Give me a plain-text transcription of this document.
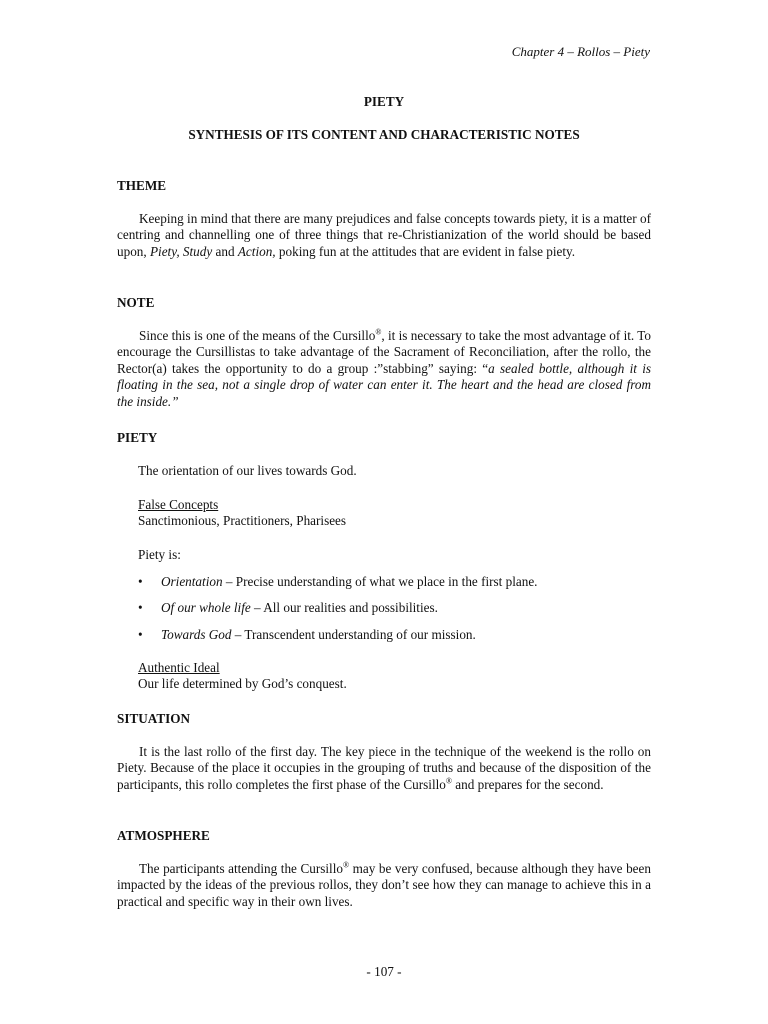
Chapter 4 – Rollos – Piety
PIETY
SYNTHESIS OF ITS CONTENT AND CHARACTERISTIC NOTES
THEME

Keeping in mind that there are many prejudices and false concepts towards piety, it is a matter of centring and channelling one of three things that re-Christianization of the world should be based upon, Piety, Study and Action, poking fun at the attitudes that are evident in false piety.

NOTE

Since this is one of the means of the Cursillo®, it is necessary to take the most advantage of it. To encourage the Cursillistas to take advantage of the Sacrament of Reconciliation, after the rollo, the Rector(a) takes the opportunity to do a group :”stabbing” saying: “a sealed bottle, although it is floating in the sea, not a single drop of water can enter it. The heart and the head are closed from the inside.”

PIETY
The orientation of our lives towards God.
False Concepts
Sanctimonious, Practitioners, Pharisees
Piety is:
• Orientation – Precise understanding of what we place in the first plane.
• Of our whole life – All our realities and possibilities.
• Towards God – Transcendent understanding of our mission.
Authentic Ideal
Our life determined by God’s conquest.
SITUATION

It is the last rollo of the first day. The key piece in the technique of the weekend is the rollo on Piety. Because of the place it occupies in the grouping of truths and because of the disposition of the participants, this rollo completes the first phase of the Cursillo® and prepares for the second.

ATMOSPHERE

The participants attending the Cursillo® may be very confused, because although they have been impacted by the ideas of the previous rollos, they don’t see how they can manage to achieve this in a practical and specific way in their own lives.

- 107 -
